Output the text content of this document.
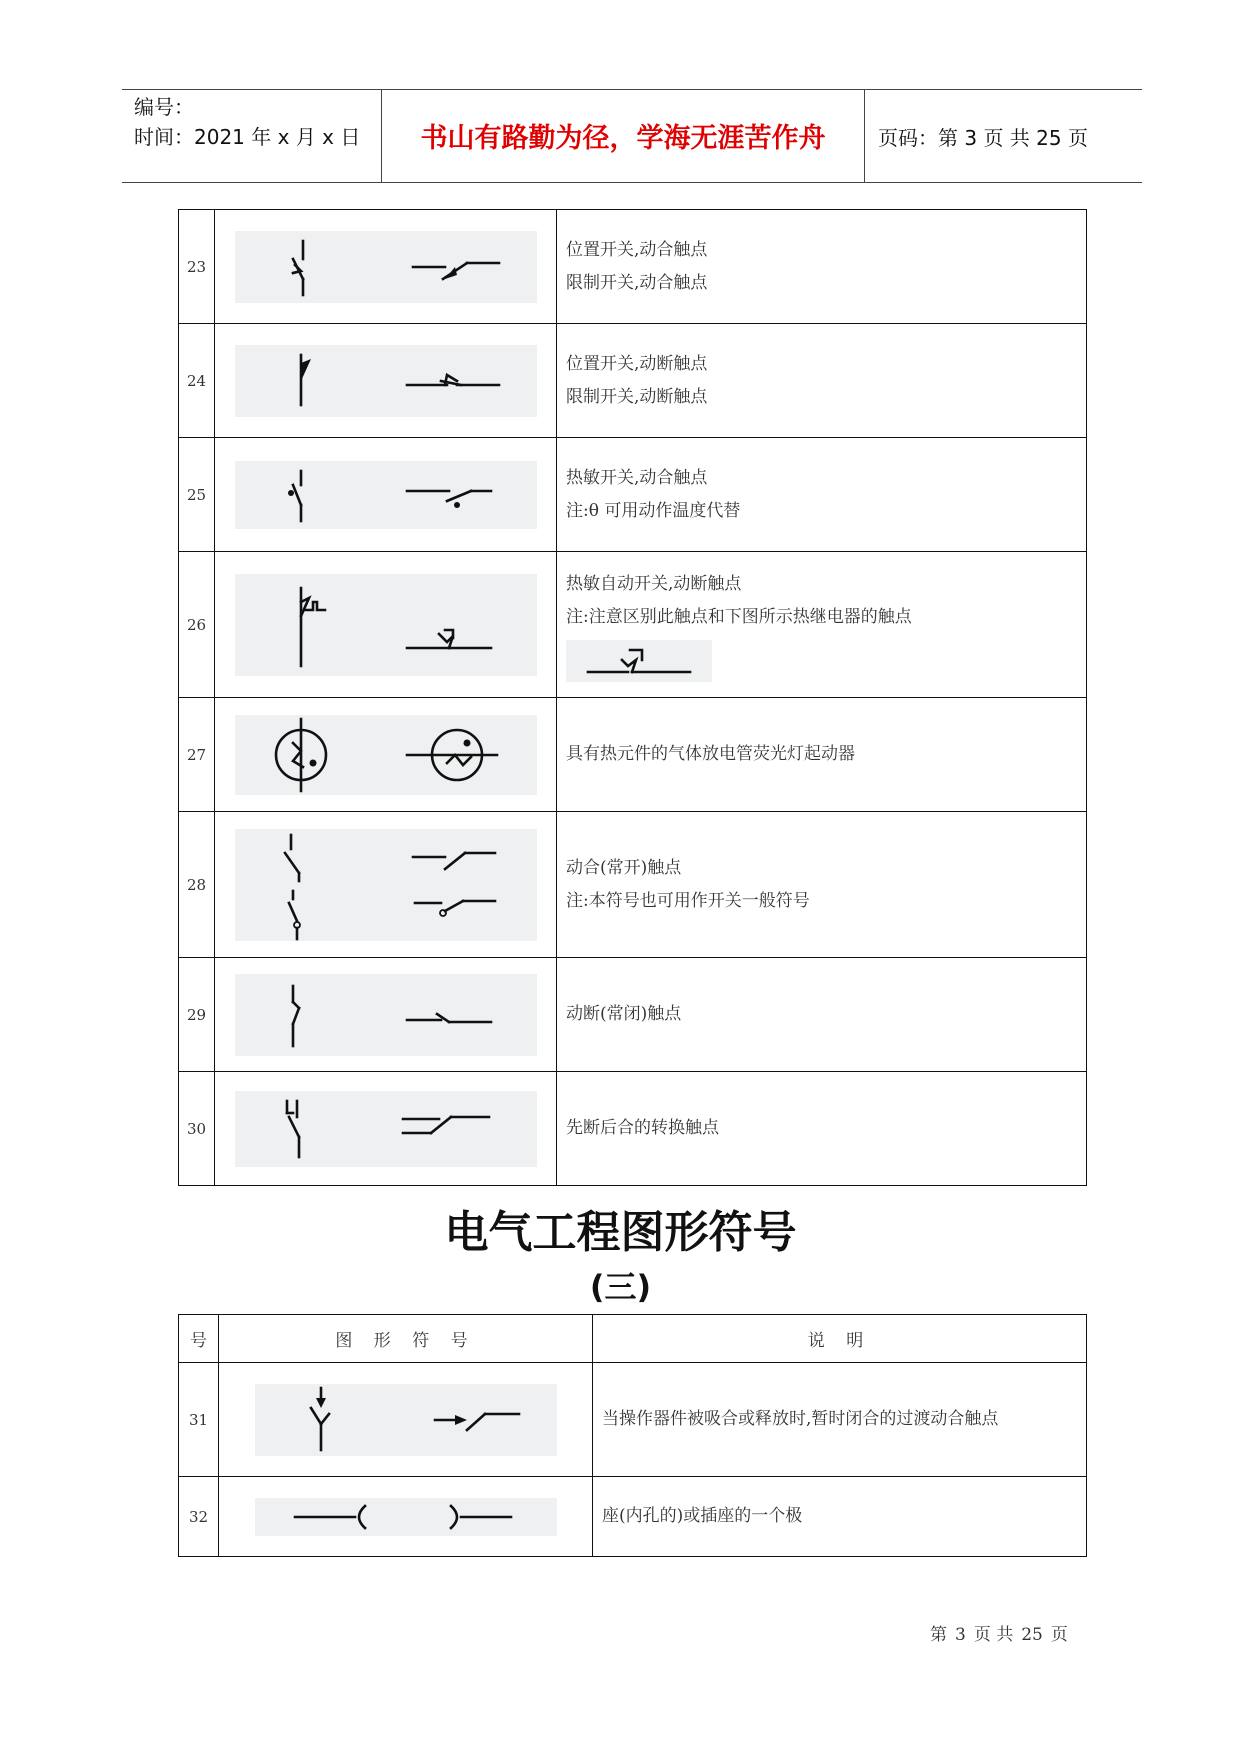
编号：
时间：2021 年 x 月 x 日	书山有路勤为径，学海无涯苦作舟	页码：第 3 页 共 25 页
23		位置开关,动合触点
限制开关,动合触点

24		位置开关,动断触点
限制开关,动断触点

25		热敏开关,动合触点
注:θ 可用动作温度代替

26		热敏自动开关,动断触点
注:注意区别此触点和下图所示热继电器的触点

27		具有热元件的气体放电管荧光灯起动器

28		动合(常开)触点
注:本符号也可用作开关一般符号

29		动断(常闭)触点

30		先断后合的转换触点
电气工程图形符号
(三)
号	图 形 符 号	说 明
31		当操作器件被吸合或释放时,暂时闭合的过渡动合触点

32		座(内孔的)或插座的一个极
第 3 页 共 25 页
